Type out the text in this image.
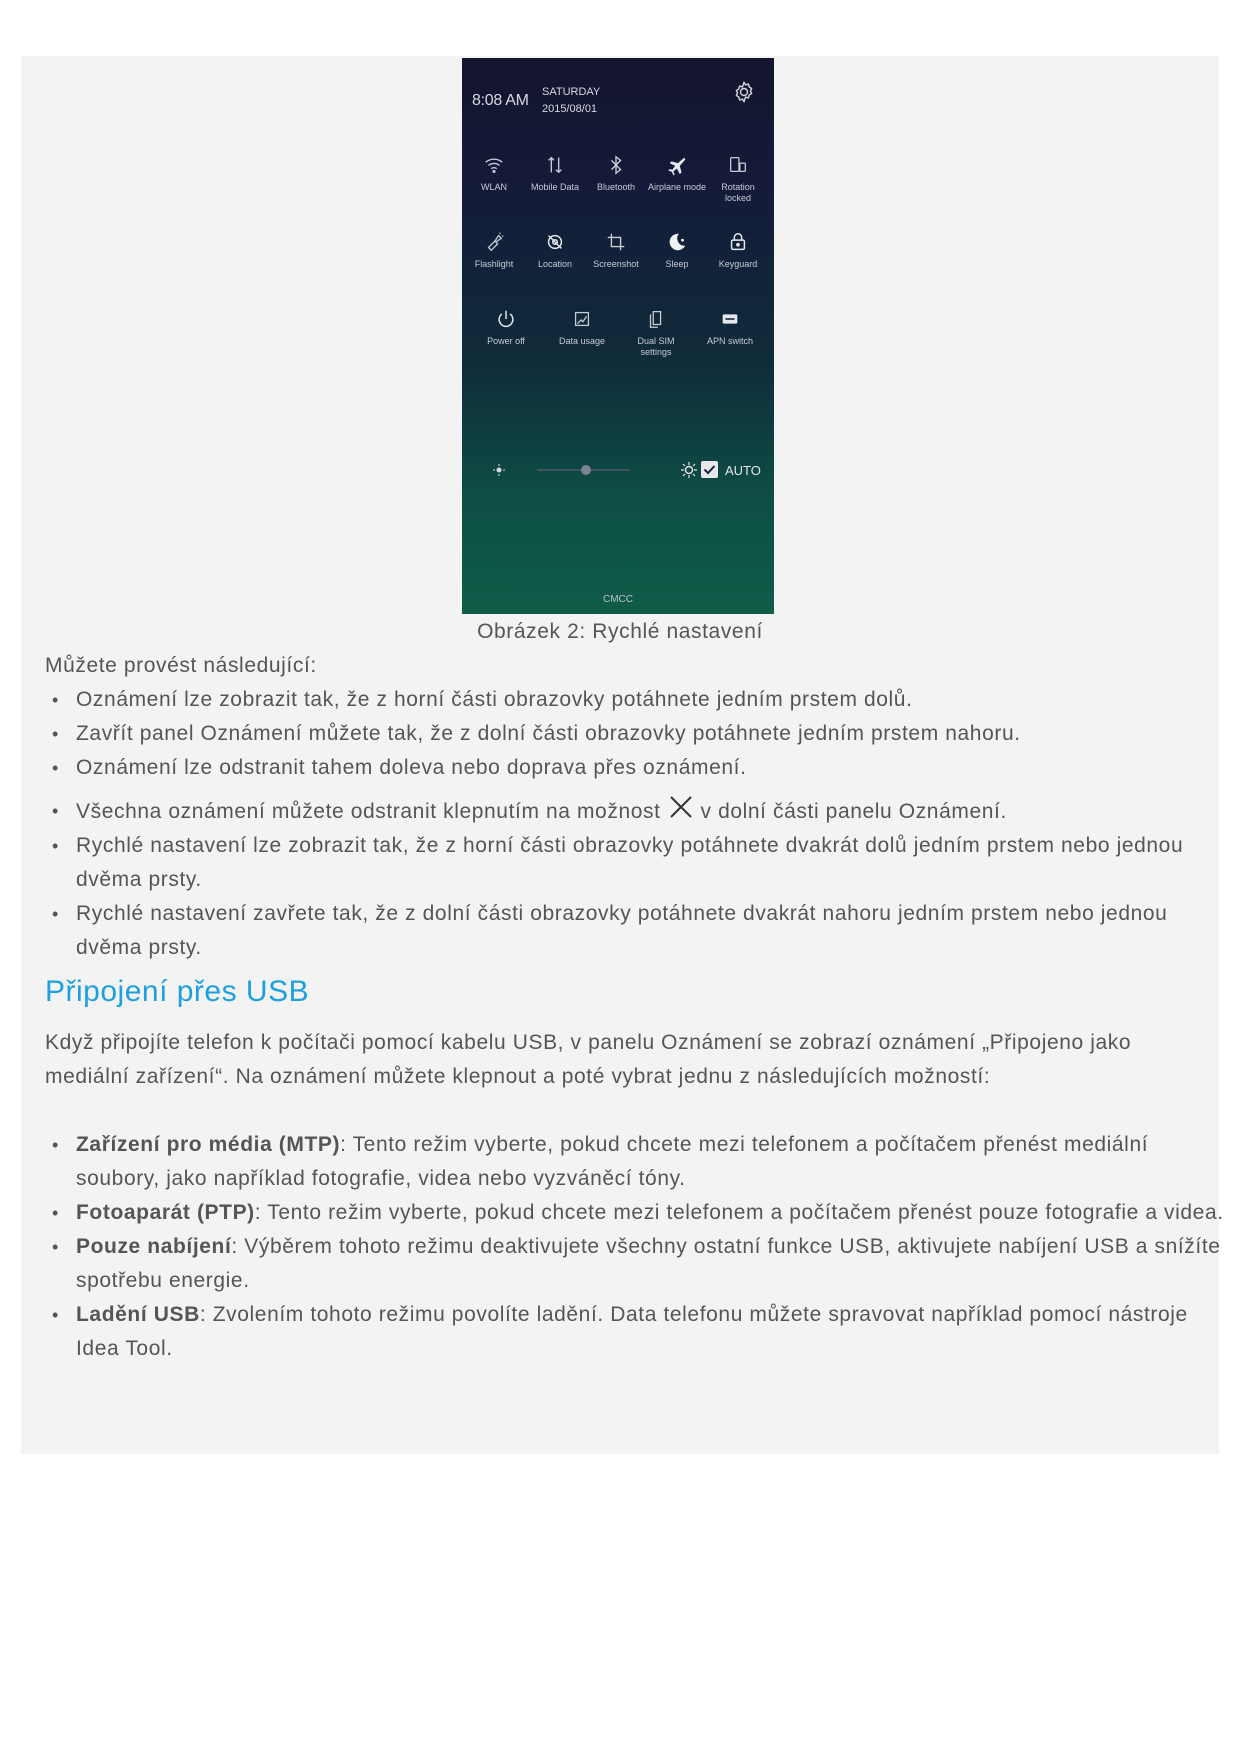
8:08 AM SATURDAY
2015/08/01
WLAN	Mobile Data	Bluetooth	Airplane mode	Rotation locked
Flashlight	Location	Screenshot	Sleep	Keyguard
Power off	Data usage	Dual SIM settings
APN switch
AUTO
CMCC
Obrázek 2: Rychlé nastavení
Můžete provést následující:
• Oznámení lze zobrazit tak, že z horní části obrazovky potáhnete jedním prstem dolů.
• Zavřít panel Oznámení můžete tak, že z dolní části obrazovky potáhnete jedním prstem nahoru.
• Oznámení lze odstranit tahem doleva nebo doprava přes oznámení.
• Všechna oznámení můžete odstranit klepnutím na možnost v dolní části panelu Oznámení.
• Rychlé nastavení lze zobrazit tak, že z horní části obrazovky potáhnete dvakrát dolů jedním prstem nebo jednou dvěma prsty.
• Rychlé nastavení zavřete tak, že z dolní části obrazovky potáhnete dvakrát nahoru jedním prstem nebo jednou dvěma prsty.
Připojení přes USB
Když připojíte telefon k počítači pomocí kabelu USB, v panelu Oznámení se zobrazí oznámení „Připojeno jako mediální zařízení“. Na oznámení můžete klepnout a poté vybrat jednu z následujících možností:
• Zařízení pro média (MTP): Tento režim vyberte, pokud chcete mezi telefonem a počítačem přenést mediální soubory, jako například fotografie, videa nebo vyzváněcí tóny.
• Fotoaparát (PTP): Tento režim vyberte, pokud chcete mezi telefonem a počítačem přenést pouze fotografie a videa.
• Pouze nabíjení: Výběrem tohoto režimu deaktivujete všechny ostatní funkce USB, aktivujete nabíjení USB a snížíte spotřebu energie.
• Ladění USB: Zvolením tohoto režimu povolíte ladění. Data telefonu můžete spravovat například pomocí nástroje Idea Tool.
